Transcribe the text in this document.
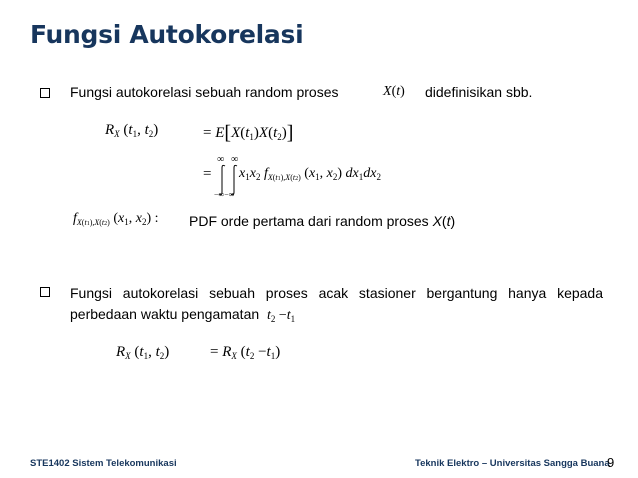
Fungsi Autokorelasi
Fungsi autokorelasi sebuah random proses	X(t) didefinisikan sbb.
$R_X$ ($t_1$, $t_2$)	= $E[X(t_1)X(t_2)]$
=
∞ ∞
−∞−∞
$x_1x_2$ $f_{X(t1),X(t2)}$ ($x_1$, $x_2$) $dx_1dx_2$
$f_{X(t1),X(t2)}$ ($x_1$, $x_2$) : PDF orde pertama dari random proses X(t)
Fungsi autokorelasi sebuah proses acak stasioner bergantung hanya kepada perbedaan waktu pengamatan $t_2 -t_1$
$R_X$ ($t_1$, $t_2$)	= $R_X$ $(t_2 -t_1)$
STE1402 Sistem Telekomunikasi	Teknik Elektro – Universitas Sangga Buana
9
